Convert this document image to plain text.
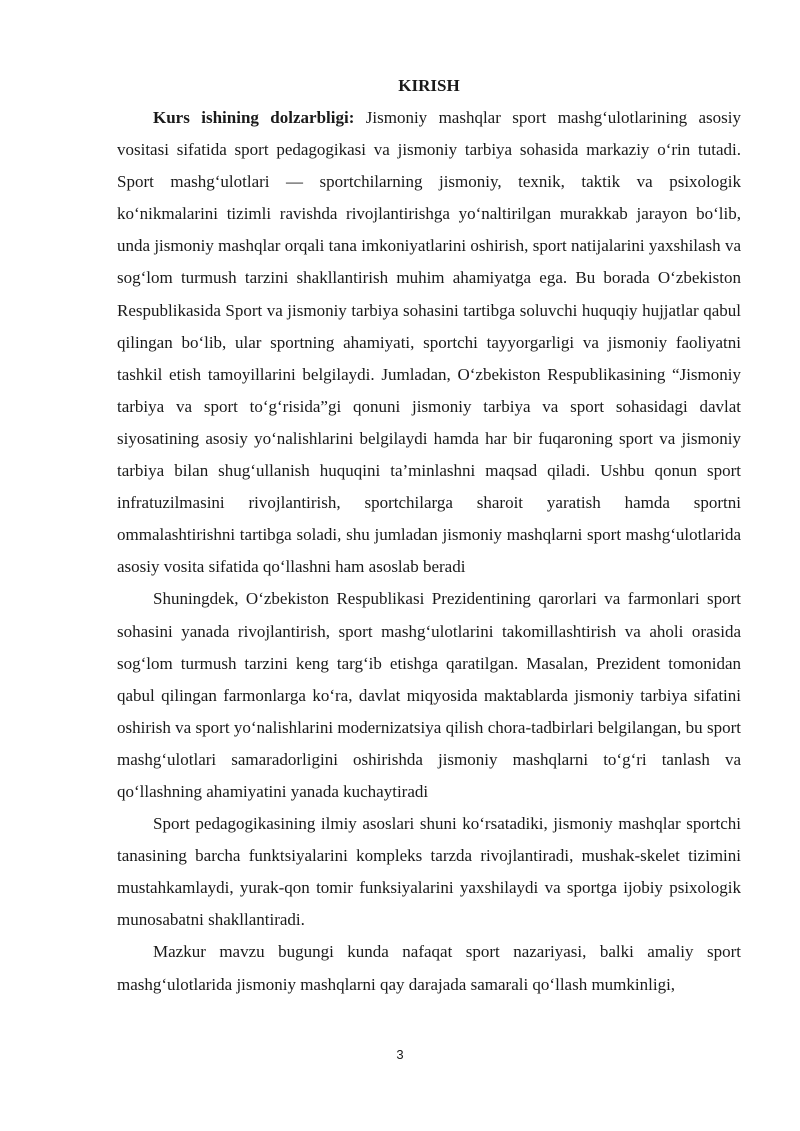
KIRISH

Kurs ishining dolzarbligi: Jismoniy mashqlar sport mashg‘ulotlarining asosiy vositasi sifatida sport pedagogikasi va jismoniy tarbiya sohasida markaziy o‘rin tutadi. Sport mashg‘ulotlari — sportchilarning jismoniy, texnik, taktik va psixologik ko‘nikmalarini tizimli ravishda rivojlantirishga yo‘naltirilgan murakkab jarayon bo‘lib, unda jismoniy mashqlar orqali tana imkoniyatlarini oshirish, sport natijalarini yaxshilash va sog‘lom turmush tarzini shakllantirish muhim ahamiyatga ega. Bu borada O‘zbekiston Respublikasida Sport va jismoniy tarbiya sohasini tartibga soluvchi huquqiy hujjatlar qabul qilingan bo‘lib, ular sportning ahamiyati, sportchi tayyorgarligi va jismoniy faoliyatni tashkil etish tamoyillarini belgilaydi. Jumladan, O‘zbekiston Respublikasining “Jismoniy tarbiya va sport to‘g‘risida”gi qonuni jismoniy tarbiya va sport sohasidagi davlat siyosatining asosiy yo‘nalishlarini belgilaydi hamda har bir fuqaroning sport va jismoniy tarbiya bilan shug‘ullanish huquqini ta’minlashni maqsad qiladi. Ushbu qonun sport infratuzilmasini rivojlantirish, sportchilarga sharoit yaratish hamda sportni ommalashtirishni tartibga soladi, shu jumladan jismoniy mashqlarni sport mashg‘ulotlarida asosiy vosita sifatida qo‘llashni ham asoslab beradi

Shuningdek, O‘zbekiston Respublikasi Prezidentining qarorlari va farmonlari sport sohasini yanada rivojlantirish, sport mashg‘ulotlarini takomillashtirish va aholi orasida sog‘lom turmush tarzini keng targ‘ib etishga qaratilgan. Masalan, Prezident tomonidan qabul qilingan farmonlarga ko‘ra, davlat miqyosida maktablarda jismoniy tarbiya sifatini oshirish va sport yo‘nalishlarini modernizatsiya qilish chora-tadbirlari belgilangan, bu sport mashg‘ulotlari samaradorligini oshirishda jismoniy mashqlarni to‘g‘ri tanlash va qo‘llashning ahamiyatini yanada kuchaytiradi

Sport pedagogikasining ilmiy asoslari shuni ko‘rsatadiki, jismoniy mashqlar sportchi tanasining barcha funktsiyalarini kompleks tarzda rivojlantiradi, mushak-skelet tizimini mustahkamlaydi, yurak-qon tomir funksiyalarini yaxshilaydi va sportga ijobiy psixologik munosabatni shakllantiradi.

Mazkur mavzu bugungi kunda nafaqat sport nazariyasi, balki amaliy sport mashg‘ulotlarida jismoniy mashqlarni qay darajada samarali qo‘llash mumkinligi,

3
